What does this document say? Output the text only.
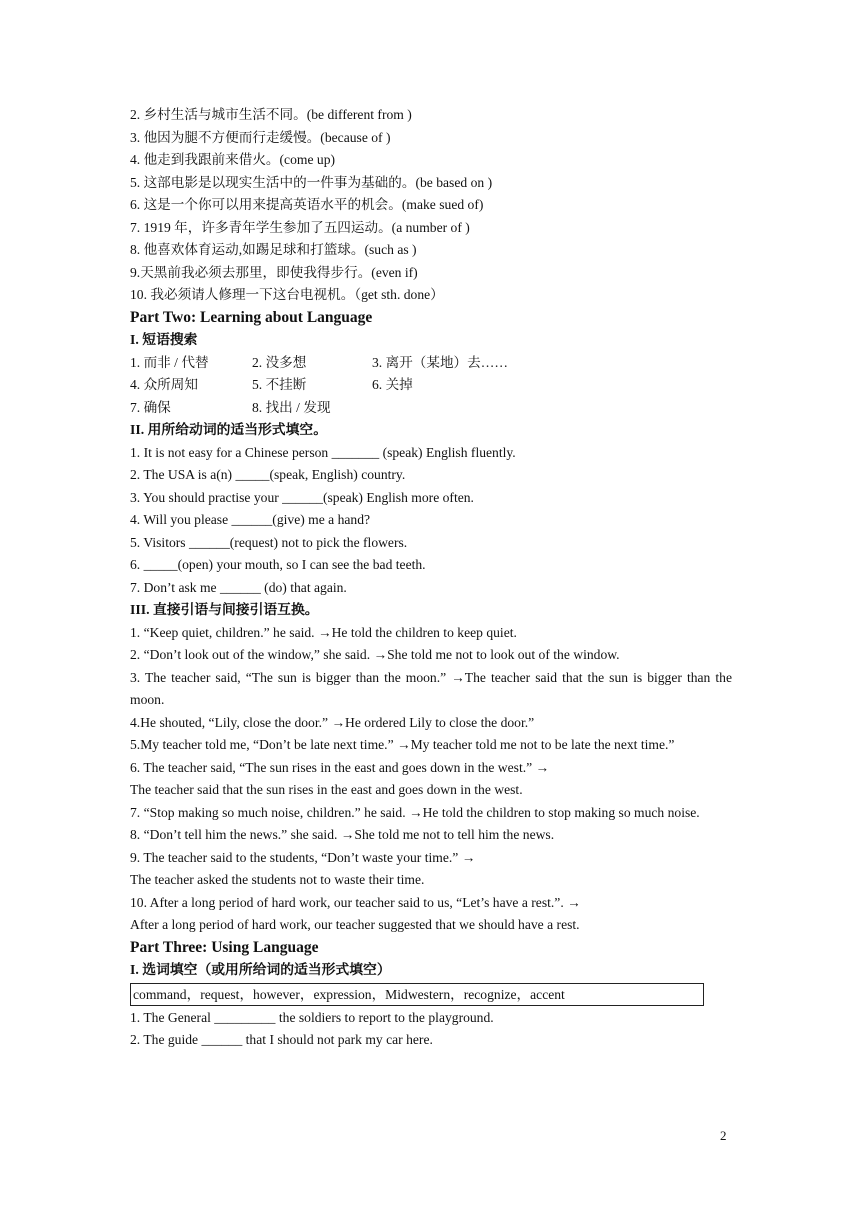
2. 乡村生活与城市生活不同。(be different from )
3. 他因为腿不方便而行走缓慢。(because of )
4. 他走到我跟前来借火。(come up)
5. 这部电影是以现实生活中的一件事为基础的。(be based on )
6. 这是一个你可以用来提高英语水平的机会。(make sued of)
7. 1919 年，许多青年学生参加了五四运动。(a number of )
8. 他喜欢体育运动,如踢足球和打篮球。(such as )
9.天黑前我必须去那里，即使我得步行。(even if)
10. 我必须请人修理一下这台电视机。（get sth. done）
Part Two: Learning about Language
I. 短语搜索
1. 而非 / 代替	2. 没多想	3. 离开（某地）去……
4. 众所周知	5. 不挂断	6. 关掉
7. 确保	8. 找出 / 发现
II. 用所给动词的适当形式填空。
1. It is not easy for a Chinese person _______ (speak) English fluently.
2. The USA is a(n) _____(speak, English) country.
3. You should practise your ______(speak) English more often.
4. Will you please ______(give) me a hand?
5. Visitors ______(request) not to pick the flowers.
6. _____(open) your mouth, so I can see the bad teeth.
7. Don’t ask me ______ (do) that again.
III. 直接引语与间接引语互换。
1. “Keep quiet, children.” he said. →He told the children to keep quiet.
2. “Don’t look out of the window,” she said. →She told me not to look out of the window.
3. The teacher said, “The sun is bigger than the moon.” →The teacher said that the sun is bigger than the moon.
4.He shouted, “Lily, close the door.” →He ordered Lily to close the door.”
5.My teacher told me, “Don’t be late next time.” →My teacher told me not to be late the next time.”
6. The teacher said, “The sun rises in the east and goes down in the west.” →
The teacher said that the sun rises in the east and goes down in the west.
7. “Stop making so much noise, children.” he said. →He told the children to stop making so much noise.
8. “Don’t tell him the news.” she said. →She told me not to tell him the news.
9. The teacher said to the students, “Don’t waste your time.” →
The teacher asked the students not to waste their time.
10. After a long period of hard work, our teacher said to us, “Let’s have a rest.”. →
After a long period of hard work, our teacher suggested that we should have a rest.
Part Three: Using Language
I. 选词填空（或用所给词的适当形式填空）
command，request，however，expression，Midwestern，recognize，accent
1. The General _________ the soldiers to report to the playground.
2. The guide ______ that I should not park my car here.
2
